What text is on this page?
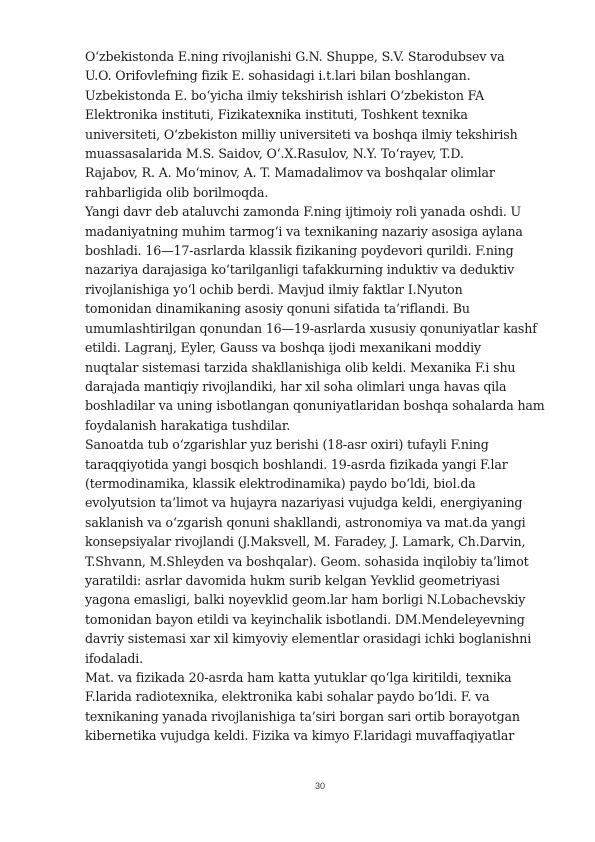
O‘zbekistonda E.ning rivojlanishi G.N. Shuppe, S.V. Starodubsev va
U.O. Orifovlefning fizik E. sohasidagi i.t.lari bilan boshlangan.
Uzbekistonda E. bo‘yicha ilmiy tekshirish ishlari O‘zbekiston FA
Elektronika instituti, Fizikatexnika instituti, Toshkent texnika
universiteti, O‘zbekiston milliy universiteti va boshqa ilmiy tekshirish
muassasalarida M.S. Saidov, O‘.X.Rasulov, N.Y. To‘rayev, T.D.
Rajabov, R. A. Mo‘minov, A. T. Mamadalimov va boshqalar olimlar
rahbarligida olib borilmoqda.
Yangi davr deb ataluvchi zamonda F.ning ijtimoiy roli yanada oshdi. U
madaniyatning muhim tarmog‘i va texnikaning nazariy asosiga aylana
boshladi. 16—17-asrlarda klassik fizikaning poydevori qurildi. F.ning
nazariya darajasiga ko‘tarilganligi tafakkurning induktiv va deduktiv
rivojlanishiga yo‘l ochib berdi. Mavjud ilmiy faktlar I.Nyuton
tomonidan dinamikaning asosiy qonuni sifatida ta’riflandi. Bu
umumlashtirilgan qonundan 16—19-asrlarda xususiy qonuniyatlar kashf
etildi. Lagranj, Eyler, Gauss va boshqa ijodi mexanikani moddiy
nuqtalar sistemasi tarzida shakllanishiga olib keldi. Mexanika F.i shu
darajada mantiqiy rivojlandiki, har xil soha olimlari unga havas qila
boshladilar va uning isbotlangan qonuniyatlaridan boshqa sohalarda ham
foydalanish harakatiga tushdilar.
Sanoatda tub o‘zgarishlar yuz berishi (18-asr oxiri) tufayli F.ning
taraqqiyotida yangi bosqich boshlandi. 19-asrda fizikada yangi F.lar
(termodinamika, klassik elektrodinamika) paydo bo‘ldi, biol.da
evolyutsion ta’limot va hujayra nazariyasi vujudga keldi, energiyaning
saklanish va o‘zgarish qonuni shakllandi, astronomiya va mat.da yangi
konsepsiyalar rivojlandi (J.Maksvell, M. Faradey, J. Lamark, Ch.Darvin,
T.Shvann, M.Shleyden va boshqalar). Geom. sohasida inqilobiy ta’limot
yaratildi: asrlar davomida hukm surib kelgan Yevklid geometriyasi
yagona emasligi, balki noyevklid geom.lar ham borligi N.Lobachevskiy
tomonidan bayon etildi va keyinchalik isbotlandi. DM.Mendeleyevning
davriy sistemasi xar xil kimyoviy elementlar orasidagi ichki boglanishni
ifodaladi.
Mat. va fizikada 20-asrda ham katta yutuklar qo‘lga kiritildi, texnika
F.larida radiotexnika, elektronika kabi sohalar paydo bo‘ldi. F. va
texnikaning yanada rivojlanishiga ta’siri borgan sari ortib borayotgan
kibernetika vujudga keldi. Fizika va kimyo F.laridagi muvaffaqiyatlar
30
